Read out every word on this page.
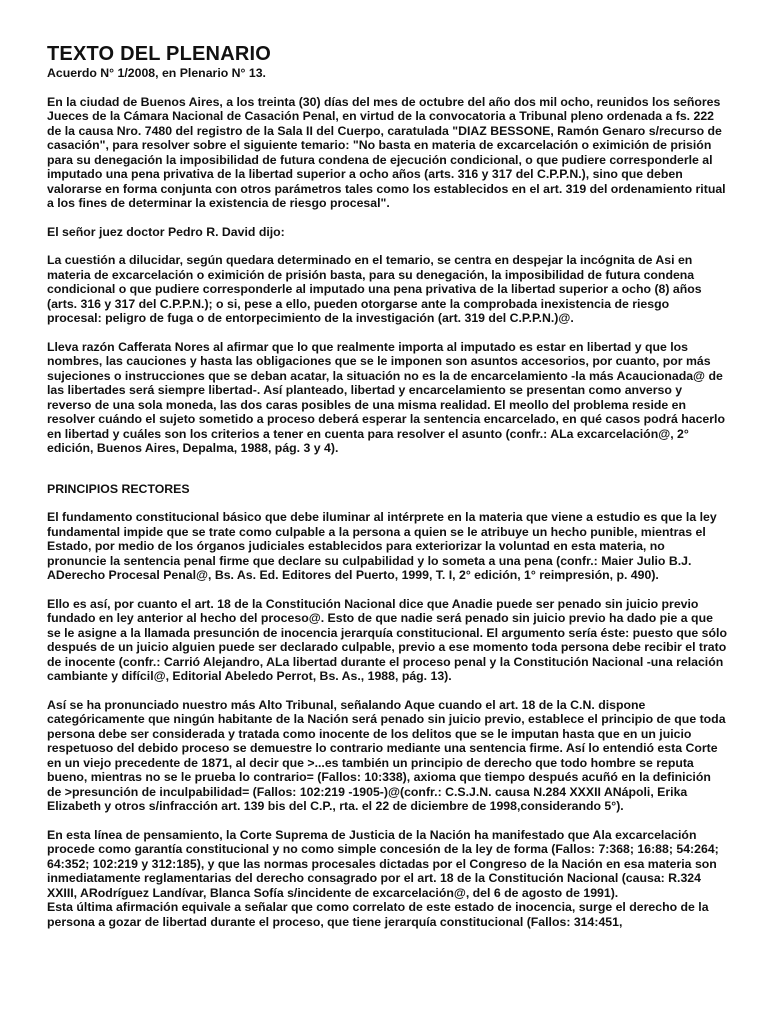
TEXTO DEL PLENARIO
Acuerdo N° 1/2008, en Plenario N° 13.

En la ciudad de Buenos Aires, a los treinta (30) días del mes de octubre del año dos mil ocho, reunidos los señores Jueces de la Cámara Nacional de Casación Penal, en virtud de la convocatoria a Tribunal pleno ordenada a fs. 222 de la causa Nro. 7480 del registro de la Sala II del Cuerpo, caratulada "DIAZ BESSONE, Ramón Genaro s/recurso de casación", para resolver sobre el siguiente temario: "No basta en materia de excarcelación o eximición de prisión para su denegación la imposibilidad de futura condena de ejecución condicional, o que pudiere corresponderle al imputado una pena privativa de la libertad superior a ocho años (arts. 316 y 317 del C.P.P.N.), sino que deben valorarse en forma conjunta con otros parámetros tales como los establecidos en el art. 319 del ordenamiento ritual a los fines de determinar la existencia de riesgo procesal".

El señor juez doctor Pedro R. David dijo:

La cuestión a dilucidar, según quedara determinado en el temario, se centra en despejar la incógnita de Asi en materia de excarcelación o eximición de prisión basta, para su denegación, la imposibilidad de futura condena condicional o que pudiere corresponderle al imputado una pena privativa de la libertad superior a ocho (8) años (arts. 316 y 317 del C.P.P.N.); o si, pese a ello, pueden otorgarse ante la comprobada inexistencia de riesgo procesal: peligro de fuga o de entorpecimiento de la investigación (art. 319 del C.P.P.N.)@.

Lleva razón Cafferata Nores al afirmar que lo que realmente importa al imputado es estar en libertad y que los nombres, las cauciones y hasta las obligaciones que se le imponen son asuntos accesorios, por cuanto, por más sujeciones o instrucciones que se deban acatar, la situación no es la de encarcelamiento -la más Acaucionada@ de las libertades será siempre libertad-. Así planteado, libertad y encarcelamiento se presentan como anverso y reverso de una sola moneda, las dos caras posibles de una misma realidad. El meollo del problema reside en resolver cuándo el sujeto sometido a proceso deberá esperar la sentencia encarcelado, en qué casos podrá hacerlo en libertad y cuáles son los criterios a tener en cuenta para resolver el asunto (confr.: ALa excarcelación@, 2° edición, Buenos Aires, Depalma, 1988, pág. 3 y 4).

PRINCIPIOS RECTORES

El fundamento constitucional básico que debe iluminar al intérprete en la materia que viene a estudio es que la ley fundamental impide que se trate como culpable a la persona a quien se le atribuye un hecho punible, mientras el Estado, por medio de los órganos judiciales establecidos para exteriorizar la voluntad en esta materia, no pronuncie la sentencia penal firme que declare su culpabilidad y lo someta a una pena (confr.: Maier Julio B.J. ADerecho Procesal Penal@, Bs. As. Ed. Editores del Puerto, 1999, T. I, 2° edición, 1° reimpresión, p. 490).

Ello es así, por cuanto el art. 18 de la Constitución Nacional dice que Anadie puede ser penado sin juicio previo fundado en ley anterior al hecho del proceso@. Esto de que nadie será penado sin juicio previo ha dado pie a que se le asigne a la llamada presunción de inocencia jerarquía constitucional. El argumento sería éste: puesto que sólo después de un juicio alguien puede ser declarado culpable, previo a ese momento toda persona debe recibir el trato de inocente (confr.: Carrió Alejandro, ALa libertad durante el proceso penal y la Constitución Nacional -una relación cambiante y difícil@, Editorial Abeledo Perrot, Bs. As., 1988, pág. 13).

Así se ha pronunciado nuestro más Alto Tribunal, señalando Aque cuando el art. 18 de la C.N. dispone categóricamente que ningún habitante de la Nación será penado sin juicio previo, establece el principio de que toda persona debe ser considerada y tratada como inocente de los delitos que se le imputan hasta que en un juicio respetuoso del debido proceso se demuestre lo contrario mediante una sentencia firme. Así lo entendió esta Corte en un viejo precedente de 1871, al decir que >...es también un principio de derecho que todo hombre se reputa bueno, mientras no se le prueba lo contrario= (Fallos: 10:338), axioma que tiempo después acuñó en la definición de >presunción de inculpabilidad= (Fallos: 102:219 -1905-)@(confr.: C.S.J.N. causa N.284 XXXII ANápoli, Erika Elizabeth y otros s/infracción art. 139 bis del C.P., rta. el 22 de diciembre de 1998,considerando 5°).

En esta línea de pensamiento, la Corte Suprema de Justicia de la Nación ha manifestado que Ala excarcelación procede como garantía constitucional y no como simple concesión de la ley de forma (Fallos: 7:368; 16:88; 54:264; 64:352; 102:219 y 312:185), y que las normas procesales dictadas por el Congreso de la Nación en esa materia son inmediatamente reglamentarias del derecho consagrado por el art. 18 de la Constitución Nacional (causa: R.324 XXIII, ARodríguez Landívar, Blanca Sofía s/incidente de excarcelación@, del 6 de agosto de 1991).

Esta última afirmación equivale a señalar que como correlato de este estado de inocencia, surge el derecho de la persona a gozar de libertad durante el proceso, que tiene jerarquía constitucional (Fallos: 314:451,
